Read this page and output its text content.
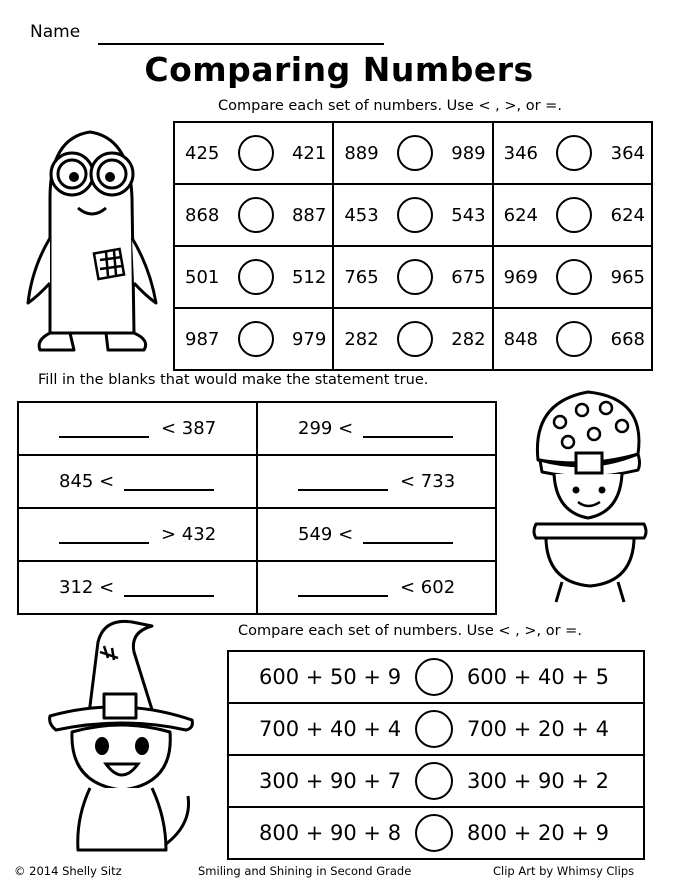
Name
Comparing Numbers
Compare each set of numbers. Use < , >, or =.
425 421	889 989	346 364

868 887	453 543	624 624

501 512	765 675	969 965

987 979	282 282	848 668
Fill in the blanks that would make the statement true.
< 387	299 <

845 <	< 733

> 432	549 <

312 <	< 602
Compare each set of numbers. Use < , >, or =.
600 + 50 + 9	600 + 40 + 5

700 + 40 + 4	700 + 20 + 4

300 + 90 + 7	300 + 90 + 2

800 + 90 + 8	800 + 20 + 9
© 2014 Shelly Sitz	Smiling and Shining in Second Grade	Clip Art by Whimsy Clips
